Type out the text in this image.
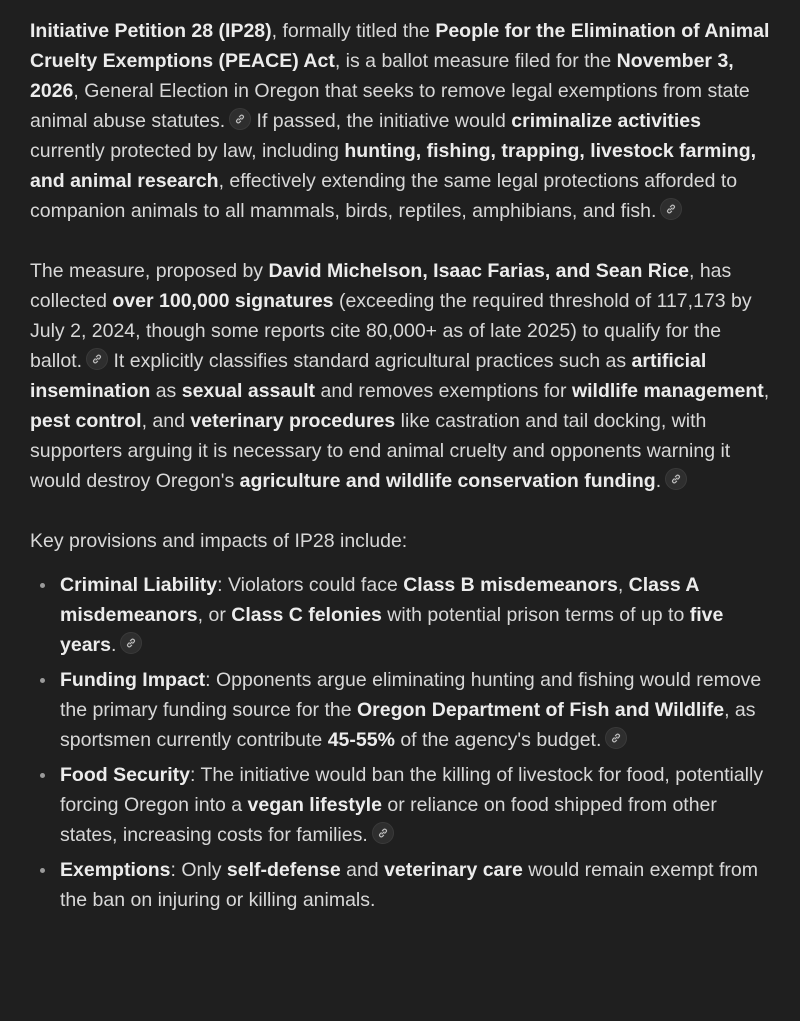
Initiative Petition 28 (IP28), formally titled the People for the Elimination of Animal Cruelty Exemptions (PEACE) Act, is a ballot measure filed for the November 3, 2026, General Election in Oregon that seeks to remove legal exemptions from state animal abuse statutes.
If passed, the initiative would criminalize activities currently protected by law, including hunting, fishing, trapping, livestock farming, and animal research, effectively extending the same legal protections afforded to companion animals to all mammals, birds, reptiles, amphibians, and fish.

The measure, proposed by David Michelson, Isaac Farias, and Sean Rice, has collected over 100,000 signatures (exceeding the required threshold of 117,173 by July 2, 2024, though some reports cite 80,000+ as of late 2025) to qualify for the ballot.
It explicitly classifies standard agricultural practices such as artificial insemination as sexual assault and removes exemptions for wildlife management, pest control, and veterinary procedures like castration and tail docking, with supporters arguing it is necessary to end animal cruelty and opponents warning it would destroy Oregon's agriculture and wildlife conservation funding.

Key provisions and impacts of IP28 include:

Criminal Liability: Violators could face Class B misdemeanors, Class A misdemeanors, or Class C felonies with potential prison terms of up to five years.
Funding Impact: Opponents argue eliminating hunting and fishing would remove the primary funding source for the Oregon Department of Fish and Wildlife, as sportsmen currently contribute 45-55% of the agency's budget.
Food Security: The initiative would ban the killing of livestock for food, potentially forcing Oregon into a vegan lifestyle or reliance on food shipped from other states, increasing costs for families.
Exemptions: Only self-defense and veterinary care would remain exempt from the ban on injuring or killing animals.
